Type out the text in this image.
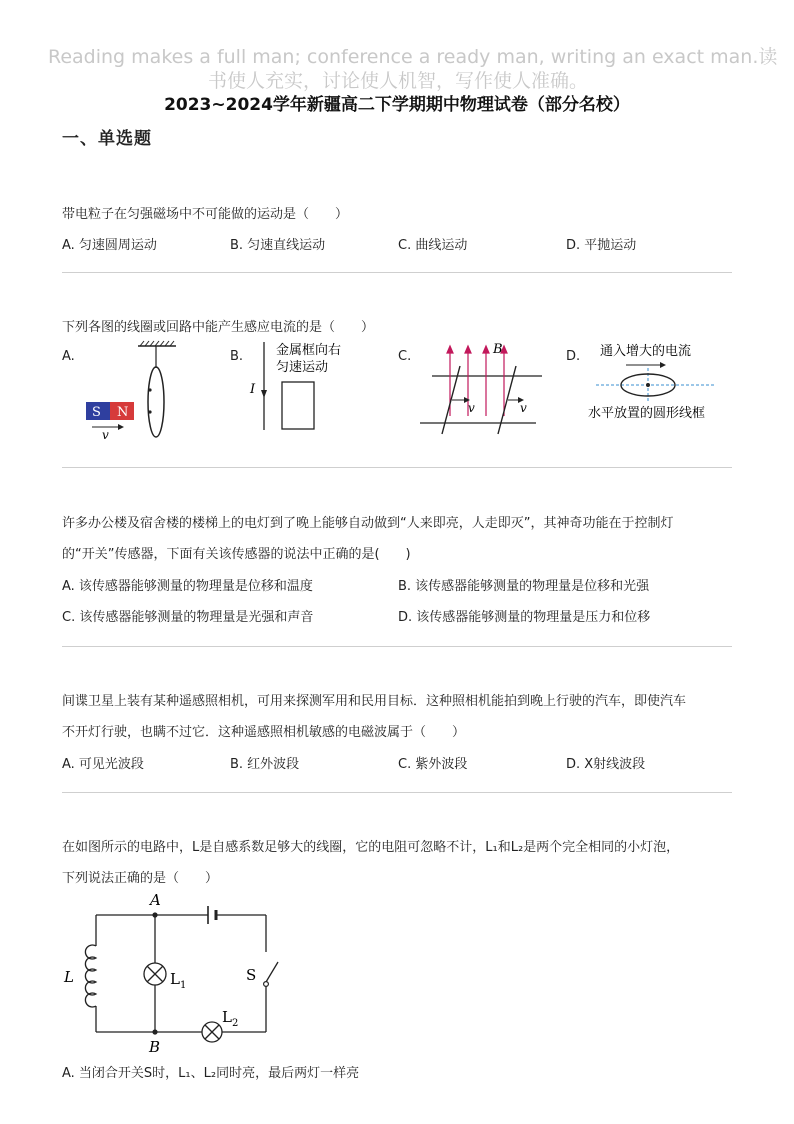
Reading makes a full man; conference a ready man, writing an exact man.读
书使人充实，讨论使人机智，写作使人准确。
2023~2024学年新疆高二下学期期中物理试卷（部分名校）
一、单选题
带电粒子在匀强磁场中不可能做的运动是（　　）
A. 匀速圆周运动	B. 匀速直线运动	C. 曲线运动	D. 平抛运动
下列各图的线圈或回路中能产生感应电流的是（　　）
A.	B.	C.	D.
S N
v
I
金属框向右
匀速运动
B
v	v
通入增大的电流
水平放置的圆形线框
许多办公楼及宿舍楼的楼梯上的电灯到了晚上能够自动做到“人来即亮，人走即灭”，其神奇功能在于控制灯
的“开关”传感器，下面有关该传感器的说法中正确的是(　　)
A. 该传感器能够测量的物理量是位移和温度	B. 该传感器能够测量的物理量是位移和光强
C. 该传感器能够测量的物理量是光强和声音	D. 该传感器能够测量的物理量是压力和位移
间谍卫星上装有某种遥感照相机，可用来探测军用和民用目标．这种照相机能拍到晚上行驶的汽车，即使汽车
不开灯行驶，也瞒不过它．这种遥感照相机敏感的电磁波属于（　　）
A. 可见光波段	B. 红外波段	C. 紫外波段	D. X射线波段
在如图所示的电路中，L是自感系数足够大的线圈，它的电阻可忽略不计，L₁和L₂是两个完全相同的小灯泡，
下列说法正确的是（　　）
A
B
L	S
L 1
L 2
A. 当闭合开关S时，L₁、L₂同时亮，最后两灯一样亮
